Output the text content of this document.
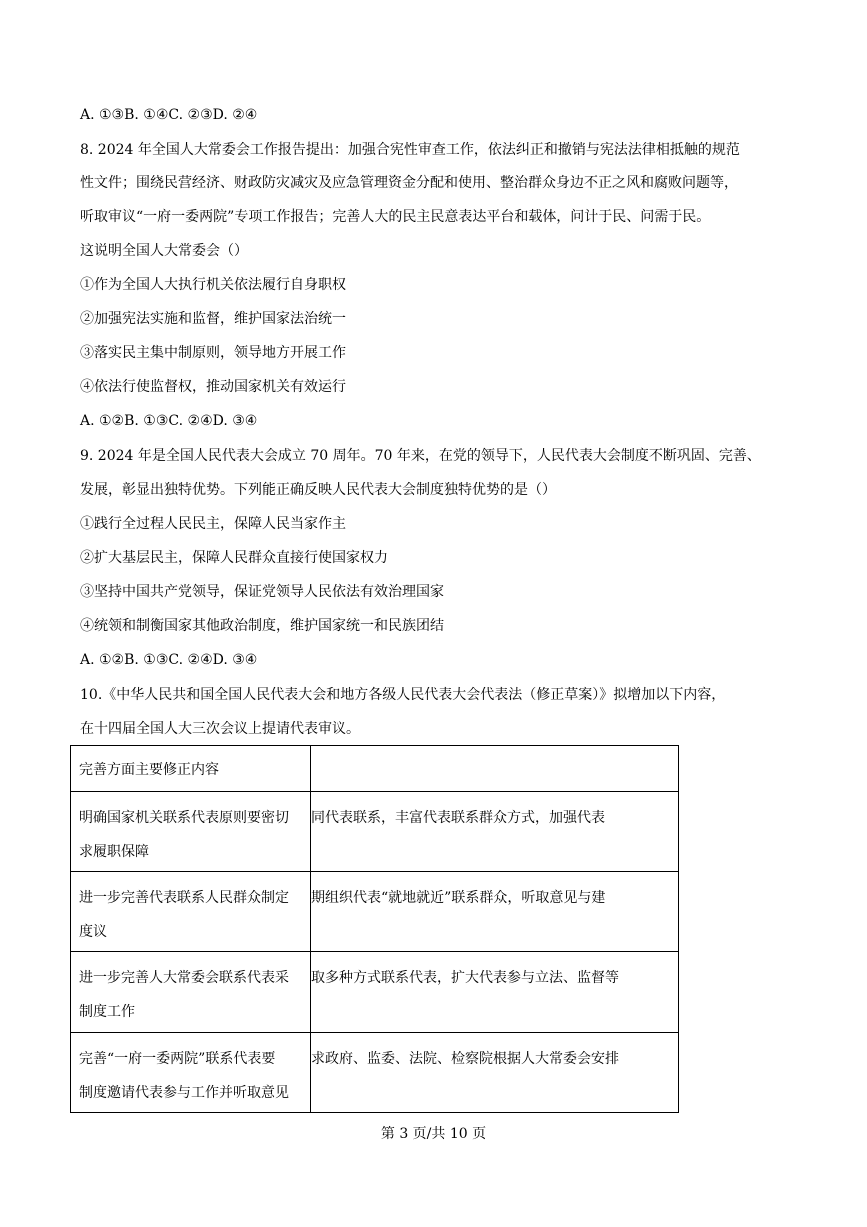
A. ①③B. ①④C. ②③D. ②④
8. 2024 年全国人大常委会工作报告提出：加强合宪性审查工作，依法纠正和撤销与宪法法律相抵触的规范
性文件；围绕民营经济、财政防灾减灾及应急管理资金分配和使用、整治群众身边不正之风和腐败问题等，
听取审议“一府一委两院”专项工作报告；完善人大的民主民意表达平台和载体，问计于民、问需于民。
这说明全国人大常委会（）
①作为全国人大执行机关依法履行自身职权
②加强宪法实施和监督，维护国家法治统一
③落实民主集中制原则，领导地方开展工作
④依法行使监督权，推动国家机关有效运行
A. ①②B. ①③C. ②④D. ③④
9. 2024 年是全国人民代表大会成立 70 周年。70 年来，在党的领导下，人民代表大会制度不断巩固、完善、
发展，彰显出独特优势。下列能正确反映人民代表大会制度独特优势的是（）
①践行全过程人民民主，保障人民当家作主
②扩大基层民主，保障人民群众直接行使国家权力
③坚持中国共产党领导，保证党领导人民依法有效治理国家
④统领和制衡国家其他政治制度，维护国家统一和民族团结
A. ①②B. ①③C. ②④D. ③④
10.《中华人民共和国全国人民代表大会和地方各级人民代表大会代表法（修正草案）》拟增加以下内容，
在十四届全国人大三次会议上提请代表审议。
完善方面主要修正内容	

明确国家机关联系代表原则要密切
求履职保障	同代表联系，丰富代表联系群众方式，加强代表

进一步完善代表联系人民群众制定
度议	期组织代表“就地就近”联系群众，听取意见与建

进一步完善人大常委会联系代表采
制度工作	取多种方式联系代表，扩大代表参与立法、监督等

完善“一府一委两院”联系代表要
制度邀请代表参与工作并听取意见	求政府、监委、法院、检察院根据人大常委会安排
第 3 页/共 10 页
